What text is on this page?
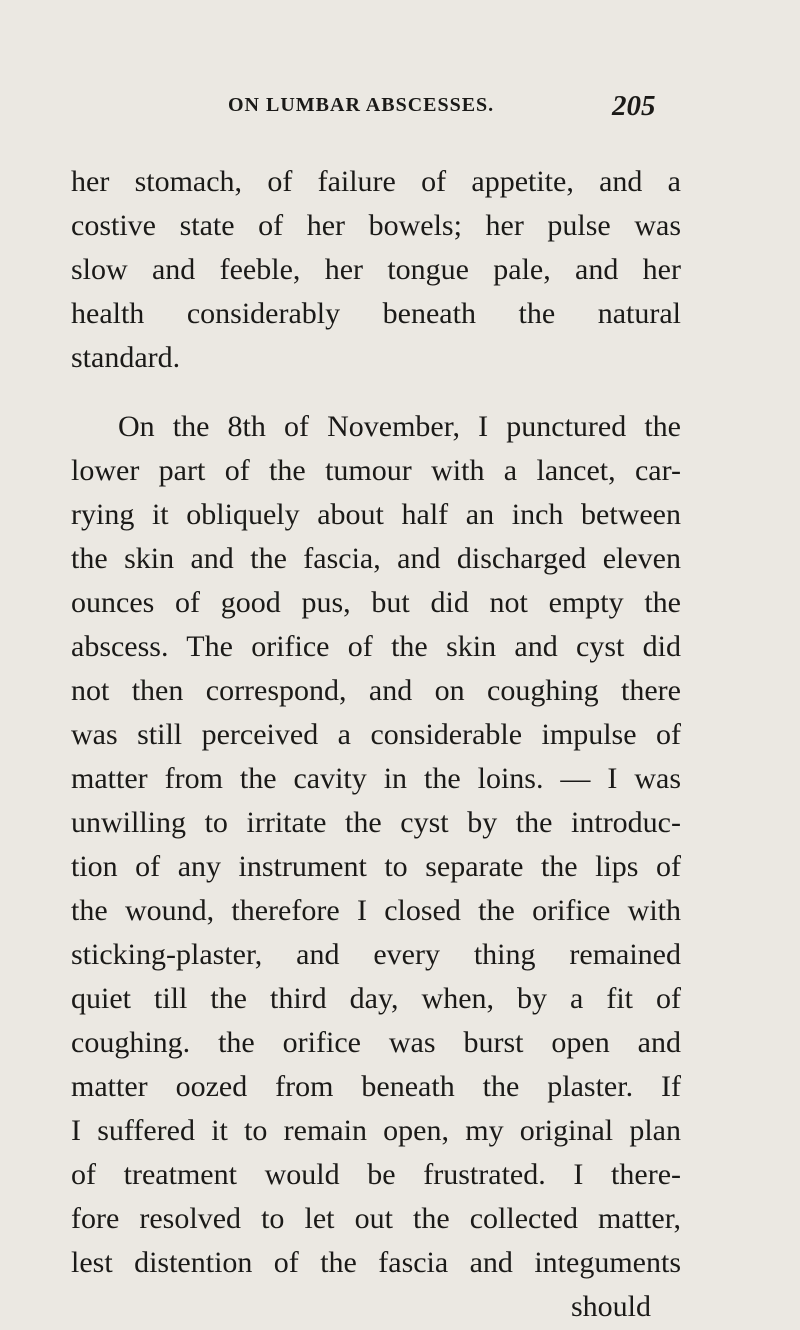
ON LUMBAR ABSCESSES.	205
her stomach, of failure of appetite, and a
costive state of her bowels; her pulse was
slow and feeble, her tongue pale, and her
health considerably beneath the natural
standard.
On the 8th of November, I punctured the
lower part of the tumour with a lancet, car-
rying it obliquely about half an inch between
the skin and the fascia, and discharged eleven
ounces of good pus, but did not empty the
abscess. The orifice of the skin and cyst did
not then correspond, and on coughing there
was still perceived a considerable impulse of
matter from the cavity in the loins. — I was
unwilling to irritate the cyst by the introduc-
tion of any instrument to separate the lips of
the wound, therefore I closed the orifice with
sticking-plaster, and every thing remained
quiet till the third day, when, by a fit of
coughing. the orifice was burst open and
matter oozed from beneath the plaster. If
I suffered it to remain open, my original plan
of treatment would be frustrated. I there-
fore resolved to let out the collected matter,
lest distention of the fascia and integuments
should
